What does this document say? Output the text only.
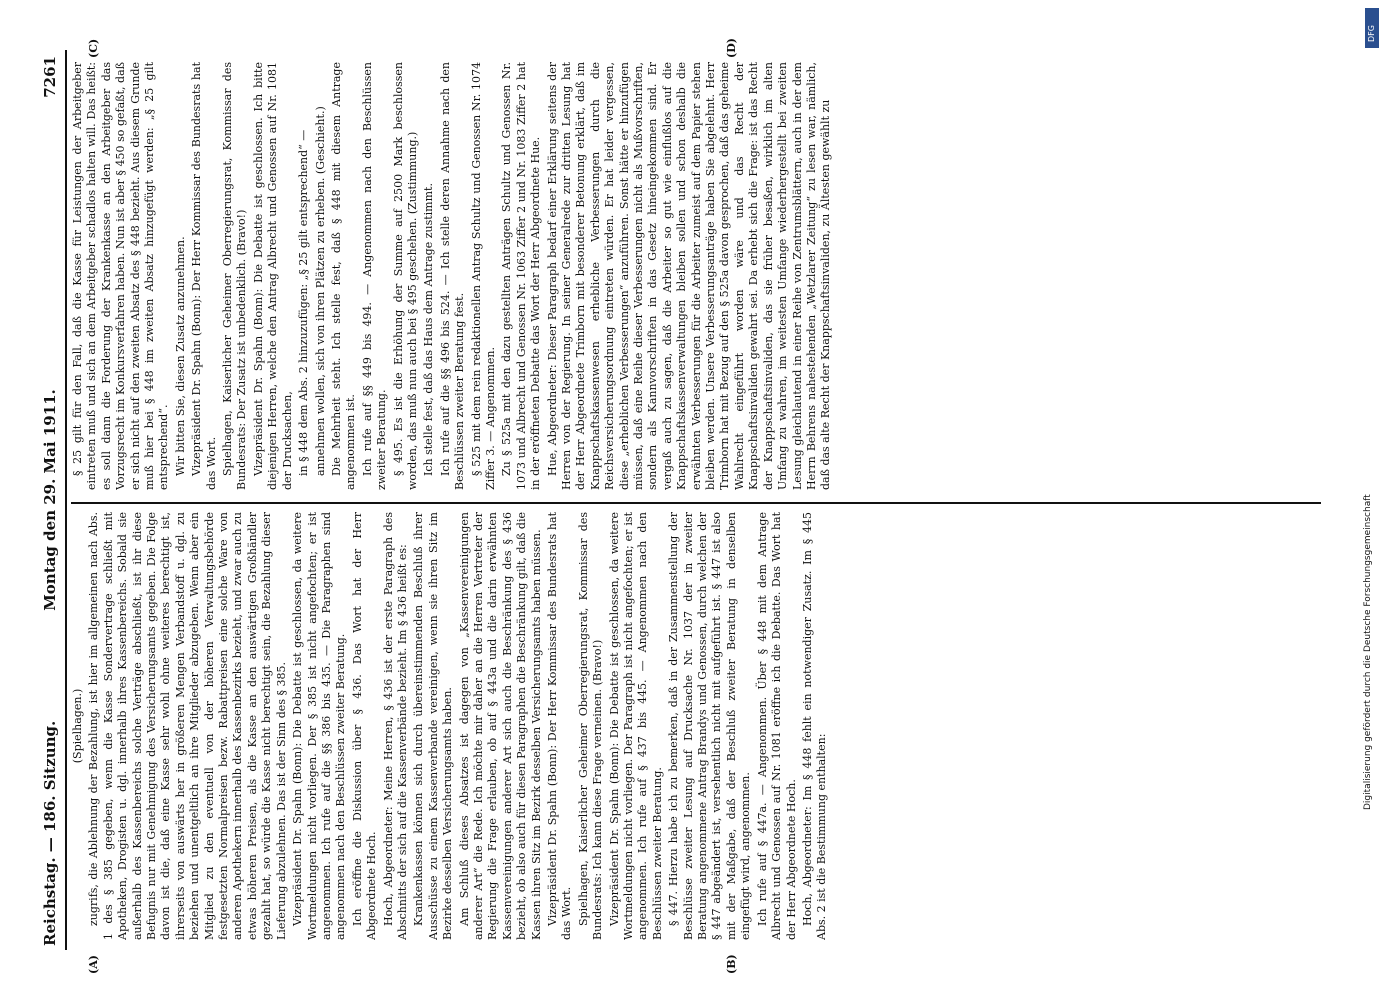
Reichstag. — 186. Sitzung.
Montag den 29. Mai 1911.
7261
(A)	(B)
(C)	(D)

(Spielhagen.) zugrifs, die Ablehnung der Bezahlung, ist hier im allgemeinen nach Abs. 1 des § 385 gegeben, wenn die Kasse Sondervertrage schließt mit Apotheken, Drogisten u. dgl. innerhalb ihres Kassenbereichs. Sobald sie außerhalb des Kassenbereichs solche Verträge abschließt, ist ihr diese Befugnis nur mit Genehmigung des Versicherungsamts gegeben. Die Folge davon ist die, daß eine Kasse sehr wohl ohne weiteres berechtigt ist, ihrerseits von auswärts her in größeren Mengen Verbandstoff u. dgl. zu beziehen und unentgeltlich an ihre Mitglieder abzugeben. Wenn aber ein Mitglied zu den eventuell von der höheren Verwaltungsbehörde festgesetzten Normalpreisen bezw. Rabattpreisen eine solche Ware von anderen Apothekern innerhalb des Kassenbezirks bezieht, und zwar auch zu etwas höheren Preisen, als die Kasse an den auswärtigen Großhändler gezahlt hat, so würde die Kasse nicht berechtigt sein, die Bezahlung dieser Lieferung abzulehnen. Das ist der Sinn des § 385. Vizepräsident Dr. Spahn (Bonn): Die Debatte ist geschlossen, da weitere Wortmeldungen nicht vorliegen. Der § 385 ist nicht angefochten; er ist angenommen. Ich rufe auf die §§ 386 bis 435. — Die Paragraphen sind angenommen nach den Beschlüssen zweiter Beratung. Ich eröffne die Diskussion über § 436. Das Wort hat der Herr Abgeordnete Hoch. Hoch, Abgeordneter: Meine Herren, § 436 ist der erste Paragraph des Abschnitts der sich auf die Kassenverbände bezieht. Im § 436 heißt es: Krankenkassen können sich durch übereinstimmenden Beschluß ihrer Ausschüsse zu einem Kassenverbande vereinigen, wenn sie ihren Sitz im Bezirke desselben Versicherungsamts haben. Am Schluß dieses Absatzes ist dagegen von „Kassenvereinigungen anderer Art“ die Rede. Ich möchte mir daher an die Herren Vertreter der Regierung die Frage erlauben, ob auf § 443a und die darin erwähnten Kassenvereinigungen anderer Art sich auch die Beschränkung des § 436 bezieht, ob also auch für diesen Paragraphen die Beschränkung gilt, daß die Kassen ihren Sitz im Bezirk desselben Versicherungsamts haben müssen. Vizepräsident Dr. Spahn (Bonn): Der Herr Kommissar des Bundesrats hat das Wort. Spielhagen, Kaiserlicher Geheimer Oberregierungsrat, Kommissar des Bundesrats: Ich kann diese Frage verneinen. (Bravo!) Vizepräsident Dr. Spahn (Bonn): Die Debatte ist geschlossen, da weitere Wortmeldungen nicht vorliegen. Der Paragraph ist nicht angefochten; er ist angenommen. Ich rufe auf § 437 bis 445. — Angenommen nach den Beschlüssen zweiter Beratung. § 447. Hierzu habe ich zu bemerken, daß in der Zusammenstellung der Beschlüsse zweiter Lesung auf Drucksache Nr. 1037 der in zweiter Beratung angenommene Antrag Brandys und Genossen, durch welchen der § 447 abgeändert ist, versehentlich nicht mit aufgeführt ist. § 447 ist also mit der Maßgabe, daß der Beschluß zweiter Beratung in denselben eingefügt wird, angenommen. Ich rufe auf § 447a. — Angenommen. Über § 448 mit dem Antrage Albrecht und Genossen auf Nr. 1081 eröffne ich die Debatte. Das Wort hat der Herr Abgeordnete Hoch. Hoch, Abgeordneter: Im § 448 fehlt ein notwendiger Zusatz. Im § 445 Abs. 2 ist die Bestimmung enthalten:

§ 25 gilt für den Fall, daß die Kasse für Leistungen der Arbeitgeber eintreten muß und sich an dem Arbeitgeber schadlos halten will. Das heißt: es soll dann die Forderung der Krankenkasse an den Arbeitgeber das Vorzugsrecht im Konkursverfahren haben. Nun ist aber § 450 so gefaßt, daß er sich nicht auf den zweiten Absatz des § 448 bezieht. Aus diesem Grunde muß hier bei § 448 im zweiten Absatz hinzugefügt werden: „§ 25 gilt entsprechend“. Wir bitten Sie, diesen Zusatz anzunehmen. Vizepräsident Dr. Spahn (Bonn): Der Herr Kommissar des Bundesrats hat das Wort. Spielhagen, Kaiserlicher Geheimer Oberregierungsrat, Kommissar des Bundesrats: Der Zusatz ist unbedenklich. (Bravo!) Vizepräsident Dr. Spahn (Bonn): Die Debatte ist geschlossen. Ich bitte diejenigen Herren, welche den Antrag Albrecht und Genossen auf Nr. 1081 der Drucksachen, in § 448 dem Abs. 2 hinzuzufügen: „§ 25 gilt entsprechend“ — annehmen wollen, sich von ihren Plätzen zu erheben. (Geschieht.) Die Mehrheit steht. Ich stelle fest, daß § 448 mit diesem Antrage angenommen ist. Ich rufe auf §§ 449 bis 494. — Angenommen nach den Beschlüssen zweiter Beratung. § 495. Es ist die Erhöhung der Summe auf 2500 Mark beschlossen worden, das muß nun auch bei § 495 geschehen. (Zustimmung.) Ich stelle fest, daß das Haus dem Antrage zustimmt. Ich rufe auf die §§ 496 bis 524. — Ich stelle deren Annahme nach den Beschlüssen zweiter Beratung fest. § 525 mit dem rein redaktionellen Antrag Schultz und Genossen Nr. 1074 Ziffer 3. — Angenommen. Zu § 525a mit den dazu gestellten Anträgen Schultz und Genossen Nr. 1073 und Albrecht und Genossen Nr. 1063 Ziffer 2 und Nr. 1083 Ziffer 2 hat in der eröffneten Debatte das Wort der Herr Abgeordnete Hue. Hue, Abgeordneter: Dieser Paragraph bedarf einer Erklärung seitens der Herren von der Regierung. In seiner Generalrede zur dritten Lesung hat der Herr Abgeordnete Trimborn mit besonderer Betonung erklärt, daß im Knappschaftskassenwesen erhebliche Verbesserungen durch die Reichsversicherungsordnung eintreten würden. Er hat leider vergessen, diese „erheblichen Verbesserungen“ anzuführen. Sonst hätte er hinzufügen müssen, daß eine Reihe dieser Verbesserungen nicht als Mußvorschriften, sondern als Kannvorschriften in das Gesetz hineingekommen sind. Er vergaß auch zu sagen, daß die Arbeiter so gut wie einflußlos auf die Knappschaftskassenverwaltungen bleiben sollen und schon deshalb die erwähnten Verbesserungen für die Arbeiter zumeist auf dem Papier stehen bleiben werden. Unsere Verbesserungsanträge haben Sie abgelehnt. Herr Trimborn hat mit Bezug auf den § 525a davon gesprochen, daß das geheime Wahlrecht eingeführt worden wäre und das Recht der Knappschaftsinvaliden gewahrt sei. Da erhebt sich die Frage: ist das Recht der Knappschaftsinvaliden, das sie früher besaßen, wirklich im alten Umfang zu wahren, im weitesten Umfange wiederhergestellt bei zweiten Lesung gleichlautend in einer Reihe von Zentrumsblättern, auch in der dem Herrn Behrens nahestehenden „Wetzlarer Zeitung“ zu lesen war, nämlich, daß das alte Recht der Knappschaftsinvaliden, zu Ältesten gewählt zu

DFG
Digitalisierung gefördert durch die Deutsche Forschungsgemeinschaft
